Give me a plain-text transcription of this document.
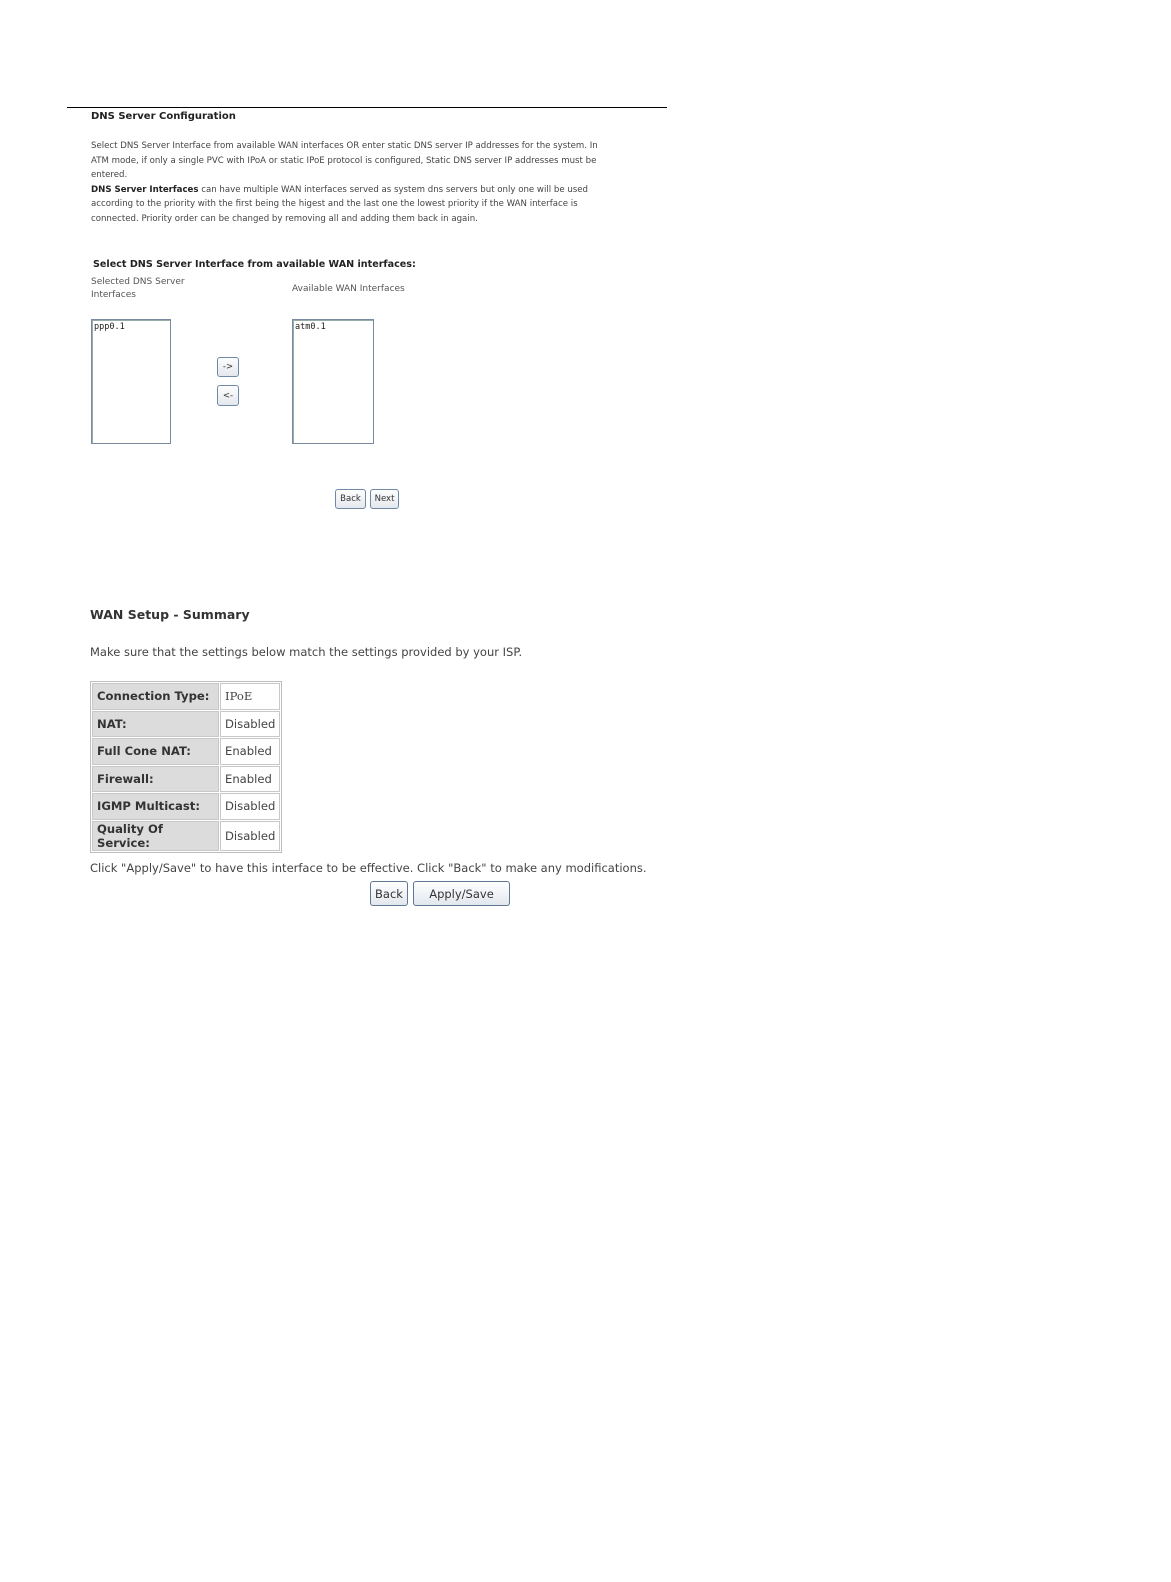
DNS Server Configuration
Select DNS Server Interface from available WAN interfaces OR enter static DNS server IP addresses for the system. In
ATM mode, if only a single PVC with IPoA or static IPoE protocol is configured, Static DNS server IP addresses must be
entered.
DNS Server Interfaces can have multiple WAN interfaces served as system dns servers but only one will be used
according to the priority with the first being the higest and the last one the lowest priority if the WAN interface is
connected. Priority order can be changed by removing all and adding them back in again.
Select DNS Server Interface from available WAN interfaces:
Selected DNS Server
Interfaces
Available WAN Interfaces
ppp0.1	atm0.1
->
<-
Back	Next
WAN Setup - Summary
Make sure that the settings below match the settings provided by your ISP.
Connection Type:	IPoE
NAT:	Disabled
Full Cone NAT:	Enabled
Firewall:	Enabled
IGMP Multicast:	Disabled
Quality Of Service:	Disabled
Click "Apply/Save" to have this interface to be effective. Click "Back" to make any modifications.
Back	Apply/Save
